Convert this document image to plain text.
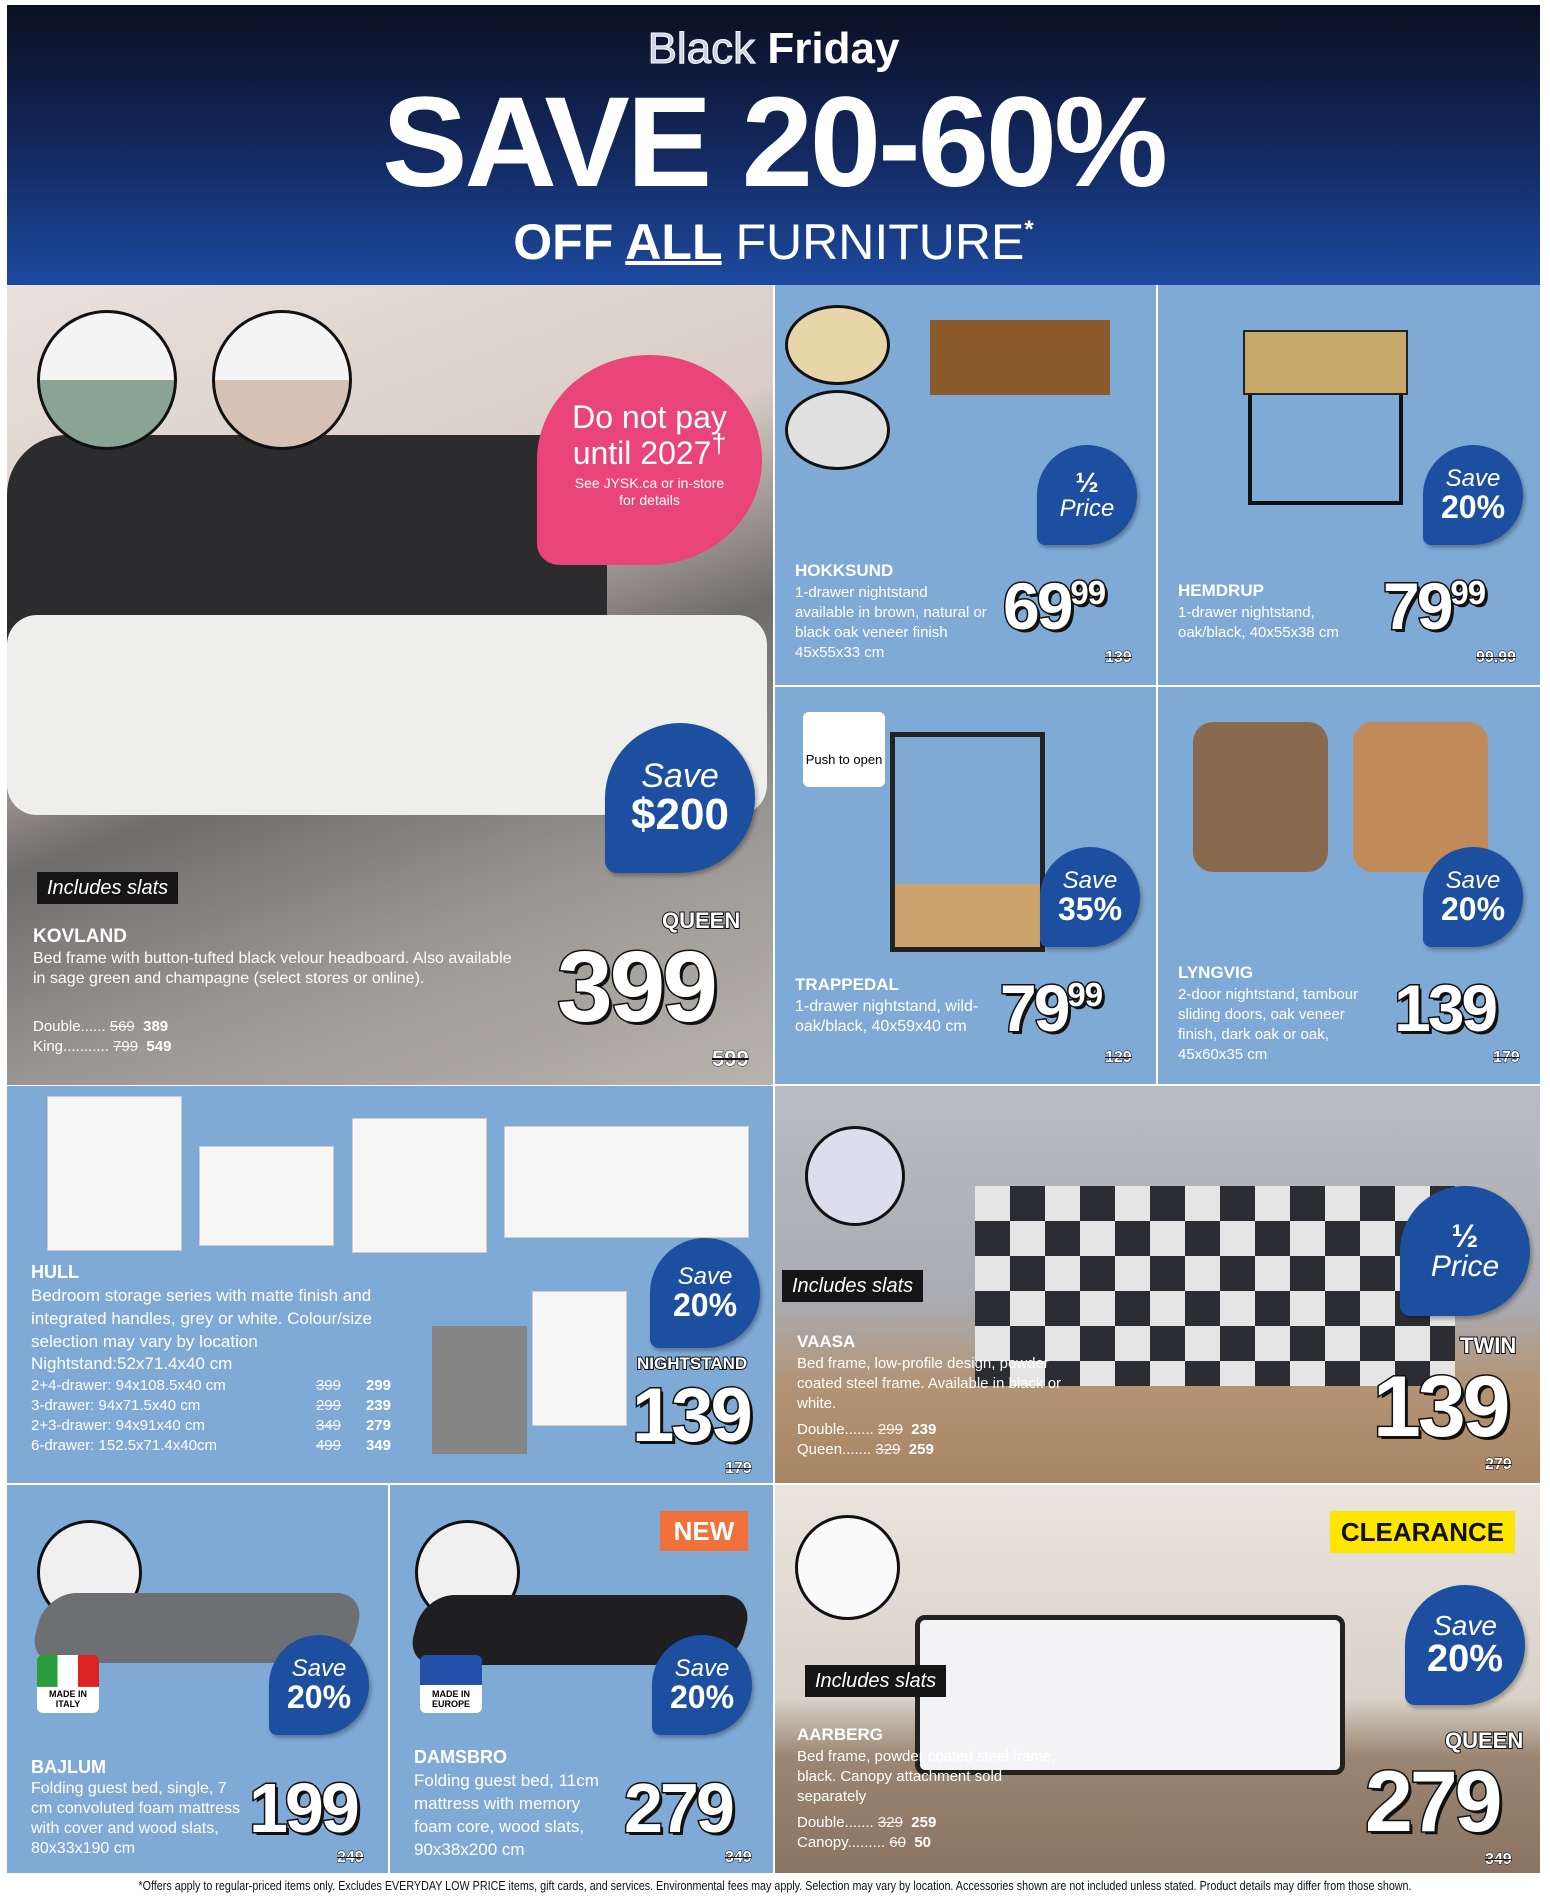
Black Friday
SAVE 20-60%
OFF ALL FURNITURE*
Do not pay
until 2027†
See JYSK.ca or in-store
for details
Save
$200
Includes slats
KOVLAND
Bed frame with button-tufted black velour headboard. Also available in sage green and champagne (select stores or online).
Double...... 569 389
King........... 799 549
QUEEN
399
599
½
Price
HOKKSUND
1-drawer nightstand available in brown, natural or black oak veneer finish 45x55x33 cm
$69^{99}$
139
Save
20%
HEMDRUP
1-drawer nightstand, oak/black, 40x55x38 cm $79^{99}$
99.99
Push to open
Save
35%
TRAPPEDAL
1-drawer nightstand, wild-oak/black, 40x59x40 cm $79^{99}$
129
Save
20%
LYNGVIG
2-door nightstand, tambour sliding doors, oak veneer finish, dark oak or oak, 45x60x35 cm
139
179
Save
20%
HULL
Bedroom storage series with matte finish and integrated handles, grey or white. Colour/size selection may vary by location
Nightstand:52x71.4x40 cm
2+4-drawer: 94x108.5x40 cm	399	299
3-drawer: 94x71.5x40 cm	299	239
2+3-drawer: 94x91x40 cm	349	279
6-drawer: 152.5x71.4x40cm	499	349
NIGHTSTAND
139
179
½
Price
Includes slats
VAASA
Bed frame, low-profile design, powder coated steel frame. Available in black or white.
Double....... 299 239
Queen....... 329 259
TWIN
139
279
MADE IN ITALY
Save
20%
BAJLUM
Folding guest bed, single, 7 cm convoluted foam mattress with cover and wood slats, 80x33x190 cm
199
249
NEW
MADE IN EUROPE
Save
20%
DAMSBRO
Folding guest bed, 11cm mattress with memory foam core, wood slats, 90x38x200 cm
279
349
CLEARANCE
Save
20%
Includes slats
AARBERG
Bed frame, powder coated steel frame, black. Canopy attachment sold separately
Double....... 329 259
Canopy......... 60 50
QUEEN
279
349
*Offers apply to regular-priced items only. Excludes EVERYDAY LOW PRICE items, gift cards, and services. Environmental fees may apply. Selection may vary by location. Accessories shown are not included unless stated. Product details may differ from those shown.
